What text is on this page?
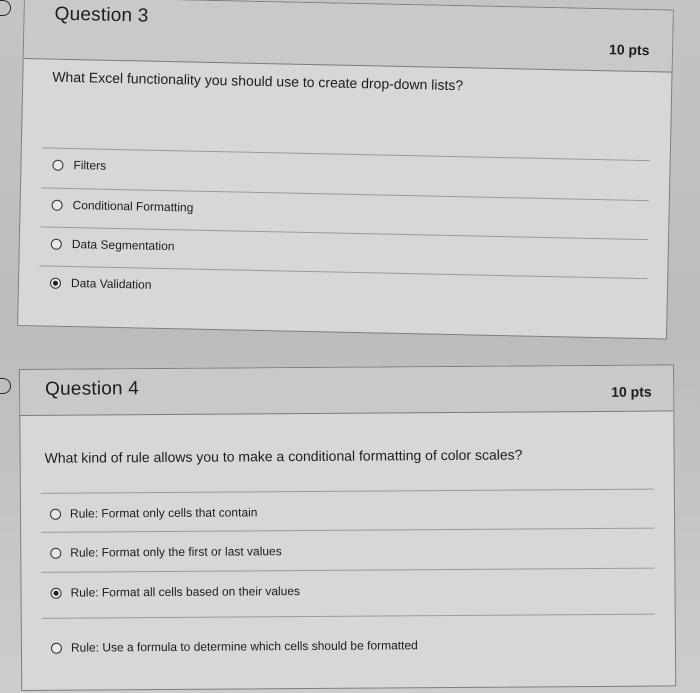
Question 3
10 pts
What Excel functionality you should use to create drop-down lists?
Filters
Conditional Formatting
Data Segmentation
Data Validation
Question 4	10 pts
What kind of rule allows you to make a conditional formatting of color scales?
Rule: Format only cells that contain
Rule: Format only the first or last values
Rule: Format all cells based on their values
Rule: Use a formula to determine which cells should be formatted
